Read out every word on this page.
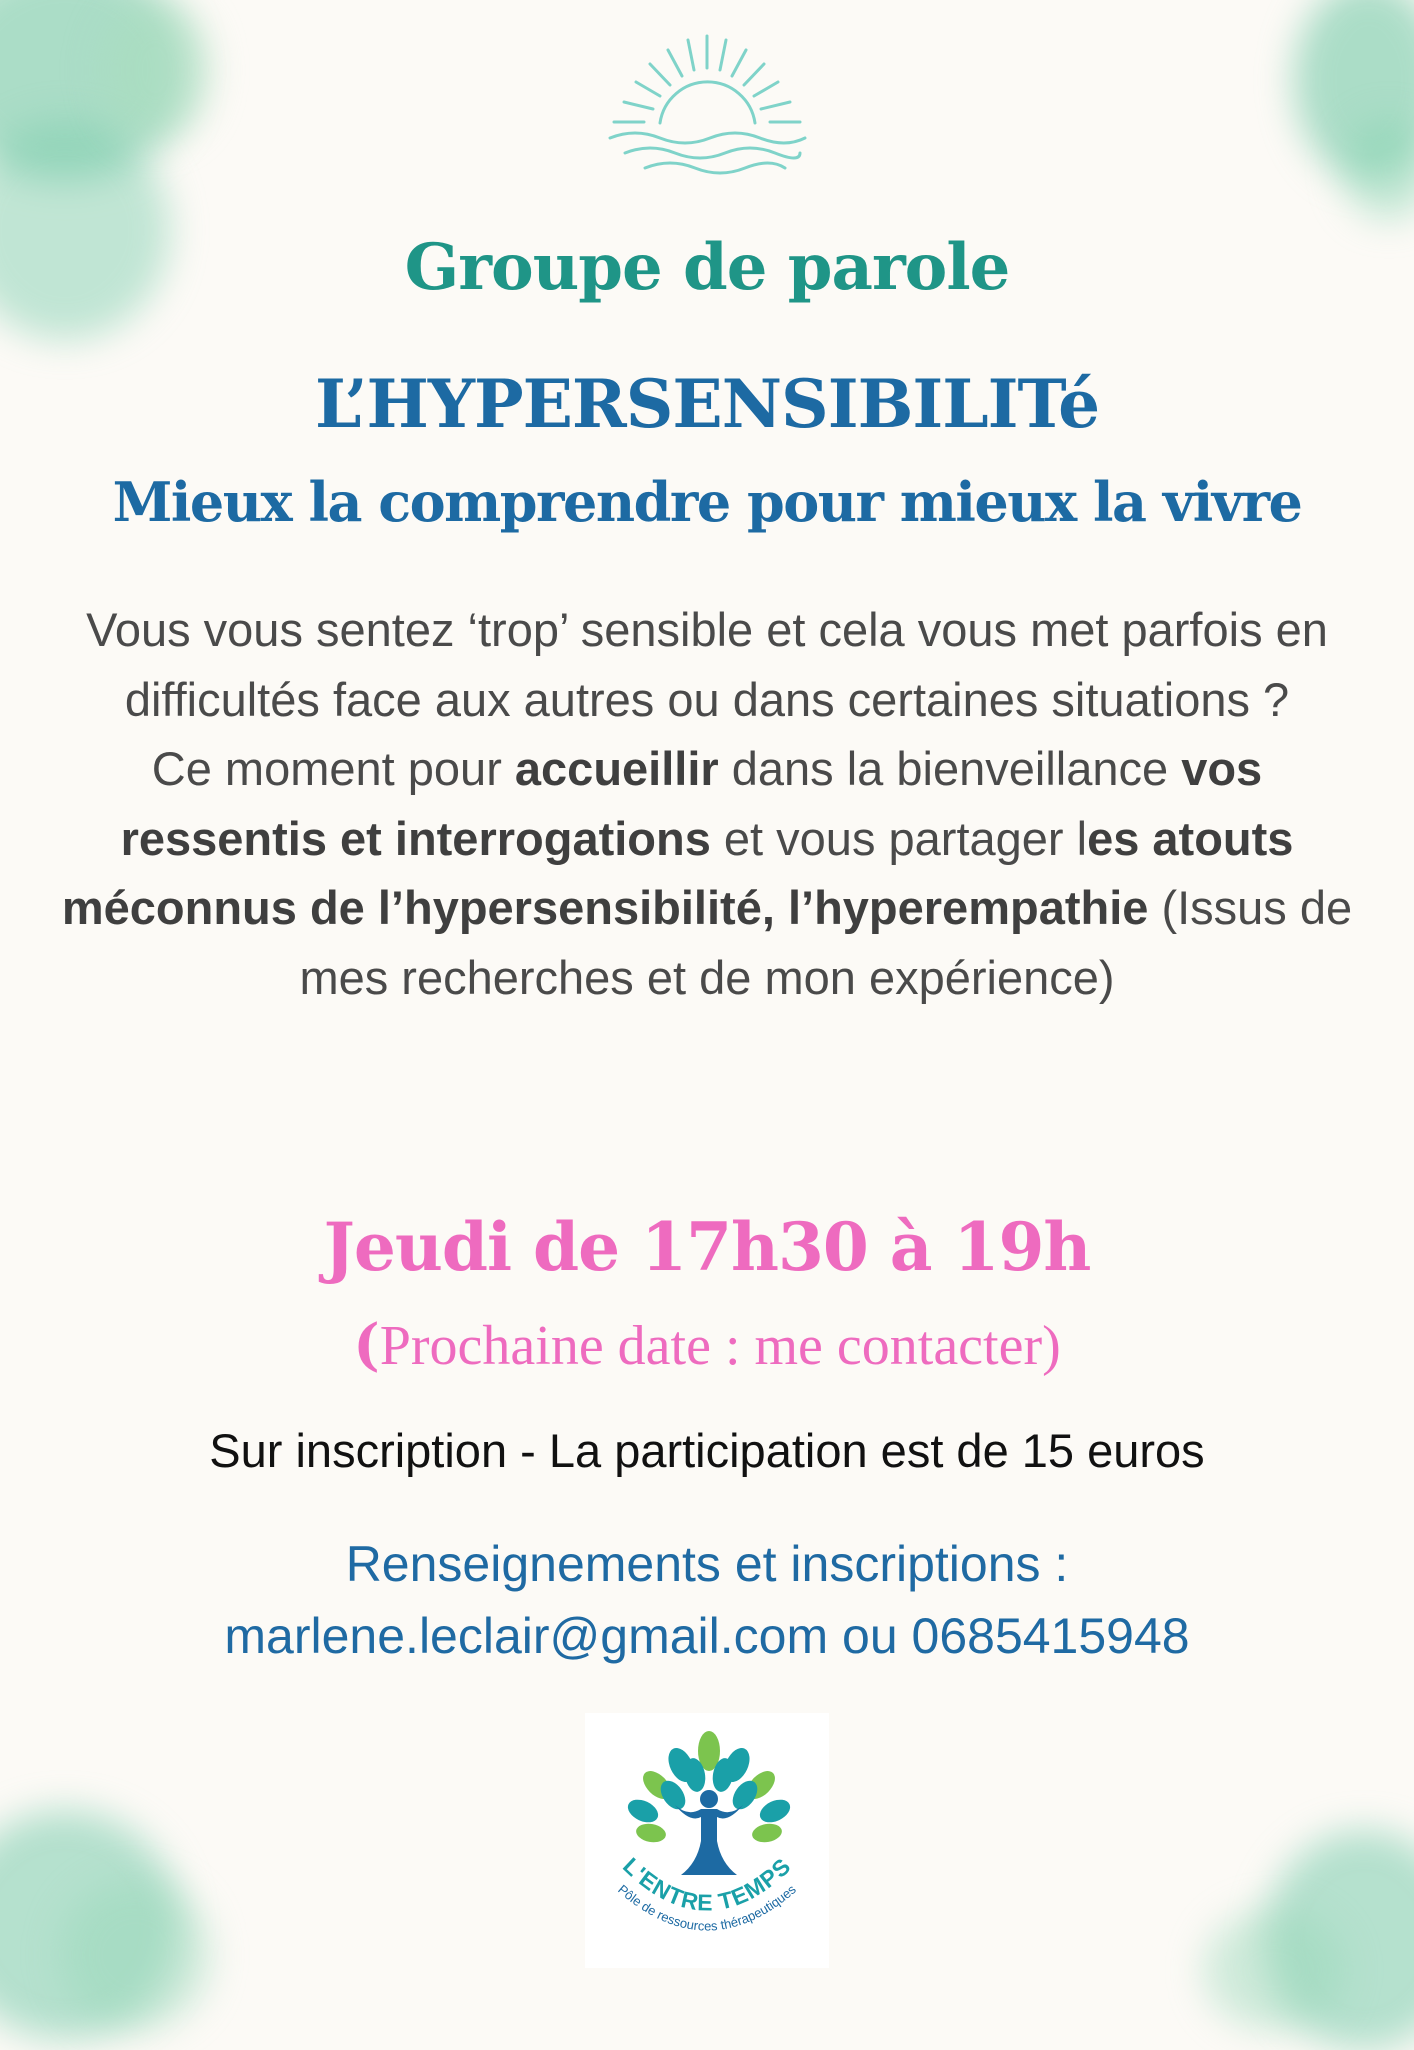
Groupe de parole
L’HYPERSENSIBILITé
Mieux la comprendre pour mieux la vivre
Vous vous sentez ‘trop’ sensible et cela vous met parfois en difficultés face aux autres ou dans certaines situations ?
Ce moment pour accueillir dans la bienveillance vos ressentis et interrogations et vous partager les atouts méconnus de l’hypersensibilité, l’hyperempathie (Issus de mes recherches et de mon expérience)
Jeudi de 17h30 à 19h
(Prochaine date : me contacter)
Sur inscription - La participation est de 15 euros
Renseignements et inscriptions :
marlene.leclair@gmail.com ou 0685415948
L'ENTRE TEMPS
Pôle de ressources thérapeutiques
